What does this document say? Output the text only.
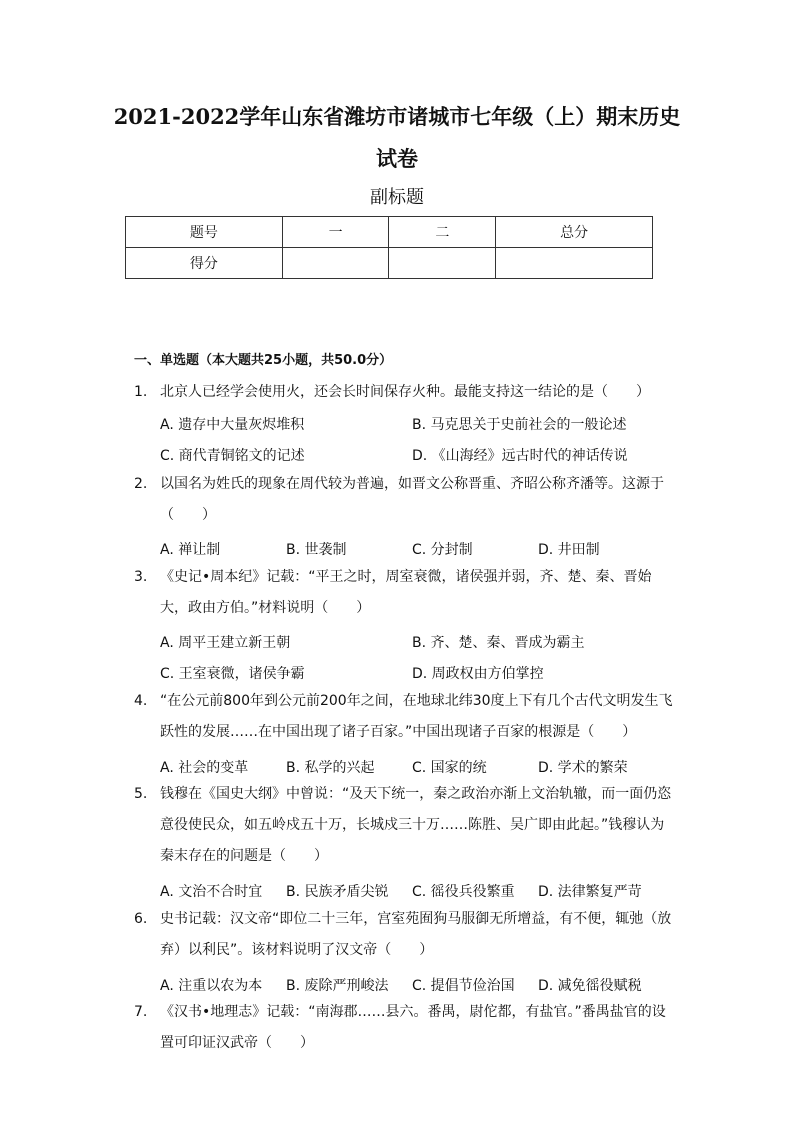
2021-2022学年山东省潍坊市诸城市七年级（上）期末历史试卷
副标题
题号	一	二	总分
得分			
一、单选题（本大题共25小题，共50.0分）
1. 北京人已经学会使用火，还会长时间保存火种。最能支持这一结论的是（　　）
A. 遗存中大量灰烬堆积	B. 马克思关于史前社会的一般论述
C. 商代青铜铭文的记述	D. 《山海经》远古时代的神话传说
2. 以国名为姓氏的现象在周代较为普遍，如晋文公称晋重、齐昭公称齐潘等。这源于（　　）
A. 禅让制	B. 世袭制	C. 分封制	D. 井田制
3. 《史记•周本纪》记载：“平王之时，周室衰微，诸侯强并弱，齐、楚、秦、晋始大，政由方伯。”材料说明（　　）
A. 周平王建立新王朝	B. 齐、楚、秦、晋成为霸主
C. 王室衰微，诸侯争霸	D. 周政权由方伯掌控
4. “在公元前800年到公元前200年之间，在地球北纬30度上下有几个古代文明发生飞跃性的发展……在中国出现了诸子百家。”中国出现诸子百家的根源是（　　）
A. 社会的变革	B. 私学的兴起	C. 国家的统	D. 学术的繁荣
5. 钱穆在《国史大纲》中曾说：“及天下统一，秦之政治亦渐上文治轨辙，而一面仍恣意役使民众，如五岭戍五十万，长城戍三十万……陈胜、吴广即由此起。”钱穆认为秦末存在的问题是（　　）
A. 文治不合时宜 B. 民族矛盾尖锐 C. 徭役兵役繁重 D. 法律繁复严苛
6. 史书记载：汉文帝“即位二十三年，宫室苑囿狗马服御无所增益，有不便，辄弛（放弃）以利民”。该材料说明了汉文帝（　　）
A. 注重以农为本 B. 废除严刑峻法 C. 提倡节俭治国 D. 减免徭役赋税
7. 《汉书•地理志》记载：“南海郡……县六。番禺，尉佗都，有盐官。”番禺盐官的设置可印证汉武帝（　　）
